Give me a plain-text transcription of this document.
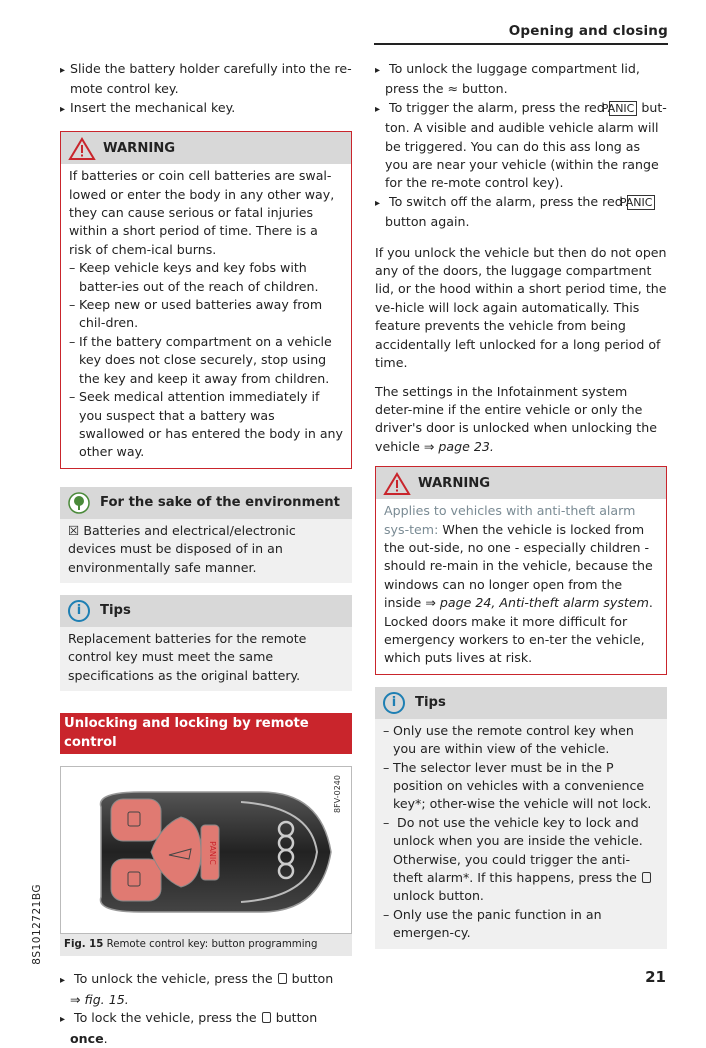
Opening and closing
▸ Slide the battery holder carefully into the re-mote control key.
▸ Insert the mechanical key.
WARNING
If batteries or coin cell batteries are swal-lowed or enter the body in any other way, they can cause serious or fatal injuries within a short period of time. There is a risk of chem-ical burns.
– Keep vehicle keys and key fobs with batter-ies out of the reach of children.
– Keep new or used batteries away from chil-dren.
– If the battery compartment on a vehicle key does not close securely, stop using the key and keep it away from children.
– Seek medical attention immediately if you suspect that a battery was swallowed or has entered the body in any other way.
For the sake of the environment
☒ Batteries and electrical/electronic devices must be disposed of in an environmentally safe manner.
i	Tips
Replacement batteries for the remote control key must meet the same specifications as the original battery.
Unlocking and locking by remote control
8FV-0240
PANIC
Fig. 15 Remote control key: button programming
▸ To unlock the vehicle, press the button
⇒ fig. 15.
▸ To lock the vehicle, press the button once.
▸ To unlock the luggage compartment lid, press the ≈ button.
▸ To trigger the alarm, press the red PANIC but-ton. A visible and audible vehicle alarm will be triggered. You can do this ass long as you are near your vehicle (within the range for the re-mote control key).
▸ To switch off the alarm, press the red PANIC button again.
If you unlock the vehicle but then do not open any of the doors, the luggage compartment lid, or the hood within a short period time, the ve-hicle will lock again automatically. This feature prevents the vehicle from being accidentally left unlocked for a long period of time.
The settings in the Infotainment system deter-mine if the entire vehicle or only the driver's door is unlocked when unlocking the vehicle ⇒ page 23.
WARNING
Applies to vehicles with anti-theft alarm sys-tem: When the vehicle is locked from the out-side, no one - especially children - should re-main in the vehicle, because the windows can no longer open from the inside ⇒ page 24, Anti-theft alarm system. Locked doors make it more difficult for emergency workers to en-ter the vehicle, which puts lives at risk.
i	Tips
– Only use the remote control key when you are within view of the vehicle.
– The selector lever must be in the P position on vehicles with a convenience key*; other-wise the vehicle will not lock.
– Do not use the vehicle key to lock and unlock when you are inside the vehicle. Otherwise, you could trigger the anti-theft alarm*. If this happens, press the  unlock button.
– Only use the panic function in an emergen-cy.
8S1012721BG
21
